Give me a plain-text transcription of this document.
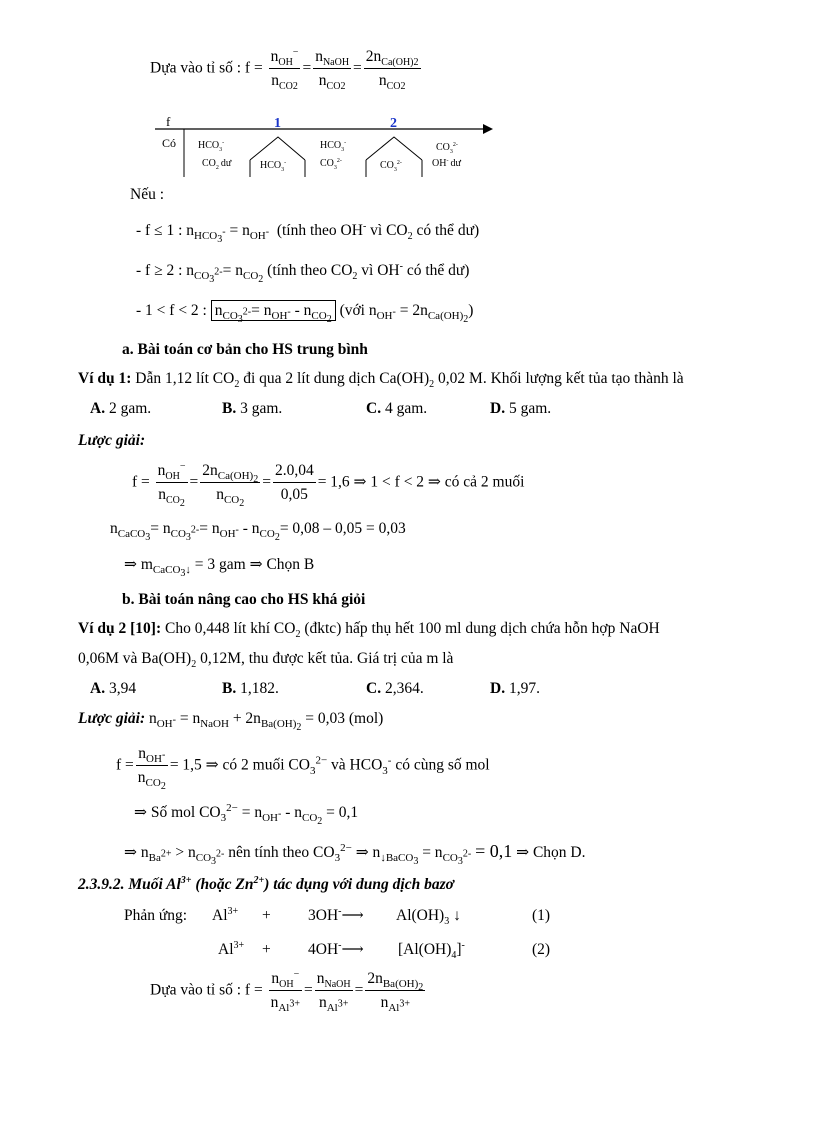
Dựa vào tỉ số : $f = \frac{n_{OH}^-}{n_{CO2}} = \frac{n_{NaOH}}{n_{CO2}} = \frac{2n_{Ca(OH)2}}{n_{CO2}}$
f
Có
1	2
$HCO_3^-$
$CO_2$ dư	$HCO_3^-$
$HCO_3^-$
$CO_3^{2-}$	$CO_3^{2-}$
$CO_3^{2-}$
OH- dư
Nếu :
- f ≤ 1 : $n_{HCO_3^-} = n_{OH^-}$ (tính theo OH- vì $CO_2$ có thể dư)
- f ≥ 2 : $n_{CO_3^{2-}}= n_{CO_2}$ (tính theo $CO_2$ vì OH- có thể dư)
- 1 < f < 2 : $n_{CO_3^{2-}}= n_{OH^-} - n_{CO_2}$ (với $n_{OH^-} = 2n_{Ca(OH)_2}$)
a. Bài toán cơ bản cho HS trung bình
Ví dụ 1: Dẫn 1,12 lít $CO_2$ đi qua 2 lít dung dịch $Ca(OH)_2$ 0,02 M. Khối lượng kết tủa tạo thành là
A. 2 gam.	B. 3 gam.	C. 4 gam.	D. 5 gam.
Lược giải:
$f = \frac{n_{OH}^-}{n_{CO_2}} = \frac{2n_{Ca(OH)_2}}{n_{CO_2}} = \frac{2.0,04}{0,05} = 1,6$ ⇒ 1 < f < 2 ⇒ có cả 2 muối
$n_{CaCO_3}= n_{CO_3^{2-}}= n_{OH^-} - n_{CO_2}= 0,08 - 0,05 = 0,03$
⇒ $m_{CaCO_3↓} = 3$ gam ⇒ Chọn B
b. Bài toán nâng cao cho HS khá giỏi
Ví dụ 2 [10]: Cho 0,448 lít khí $CO_2$ (đktc) hấp thụ hết 100 ml dung dịch chứa hỗn hợp NaOH
0,06M và $Ba(OH)_2$ 0,12M, thu được kết tủa. Giá trị của m là
A. 3,94	B. 1,182.	C. 2,364.	D. 1,97.
Lược giải: $n_{OH^-} = n_{NaOH} + 2n_{Ba(OH)_2} = 0,03$ (mol)
$f = \frac{n_{OH^-}}{n_{CO_2}} = 1,5$ ⇒ có 2 muối $CO_3^{2-}$ và $HCO_3^-$ có cùng số mol
⇒ Số mol $CO_3^{2-} = n_{OH^-} - n_{CO_2} = 0,1$
⇒ $n_{Ba^{2+}} > n_{CO_3^{2-}}$ nên tính theo $CO_3^{2-}$ ⇒ $n_{↓BaCO_3} = n_{CO_3^{2-}} = 0,1$ ⇒ Chọn D.
2.3.9.2. Muối $Al^{3+}$ (hoặc $Zn^{2+}$) tác dụng với dung dịch bazơ
Phản ứng: $Al^{3+}$ + 3OH-⟶ $Al(OH)_3$ ↓	(1)
$Al^{3+}$ + 4OH-⟶ $[Al(OH)_4]^-$	(2)
Dựa vào tỉ số : $f = \frac{n_{OH}^-}{n_{Al^{3+}}} = \frac{n_{NaOH}}{n_{Al^{3+}}} = \frac{2n_{Ba(OH)_2}}{n_{Al^{3+}}}$
